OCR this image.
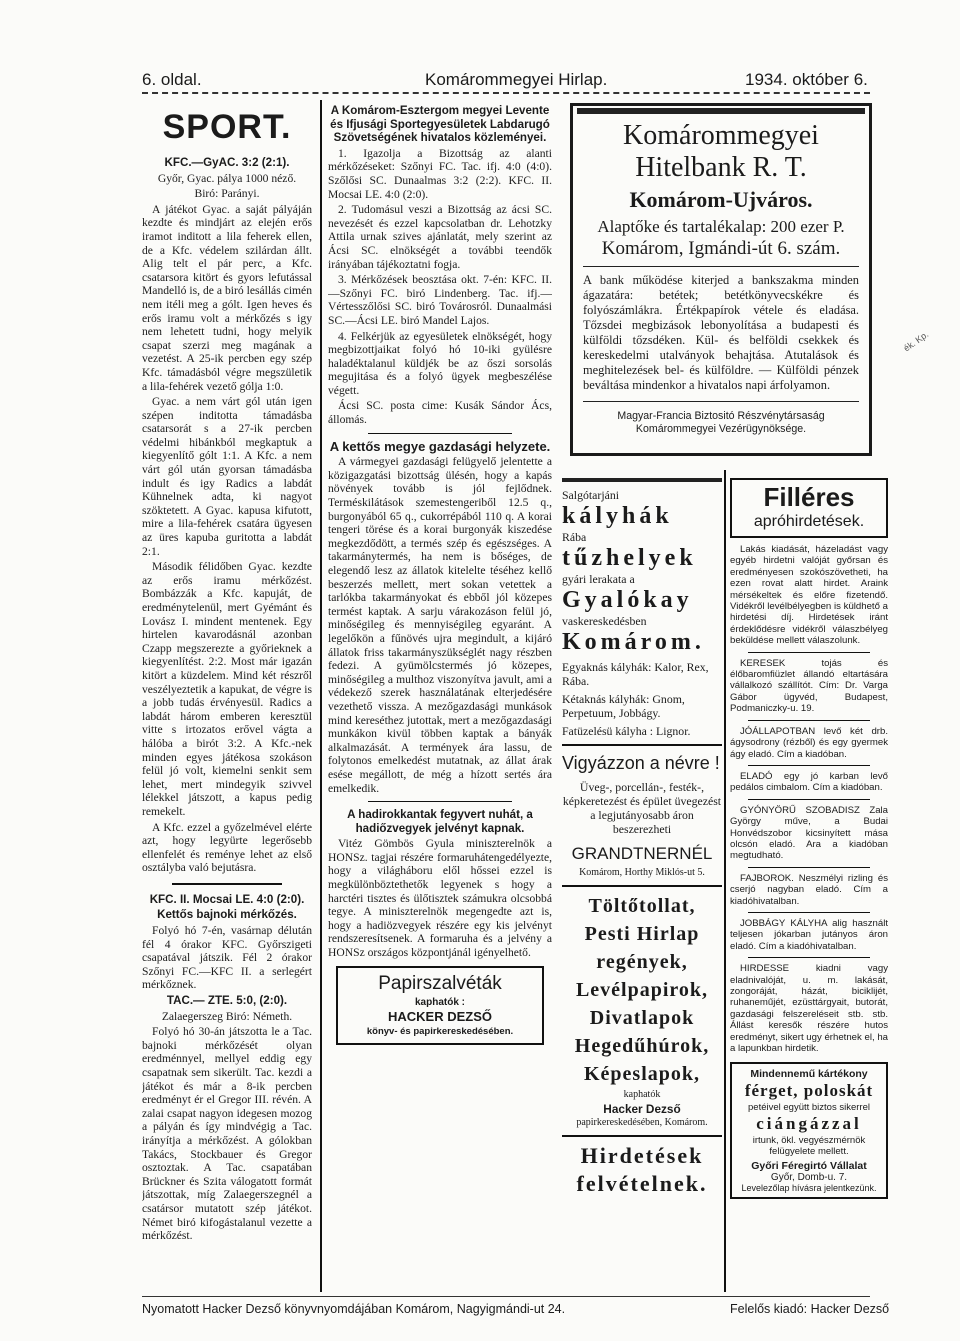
6. oldal.	Komárommegyei Hirlap.	1934. október 6.
SPORT.

KFC.—GyAC. 3:2 (2:1).

Győr, Gyac. pálya 1000 néző.

Biró: Parányi.

A játékot Gyac. a saját pályáján kezdte és mindjárt az elején erős iramot inditott a lila feherek ellen, de a Kfc. védelem szilárdan állt. Alig telt el pár perc, a Kfc. csatarsora kitört és gyors lefutással Mandelló is, de a biró lesállás cimén nem itéli meg a gólt. Igen heves és erős iramu volt a mérkőzés s igy nem lehetett tudni, hogy melyik csapat szerzi meg magának a vezetést. A 25-ik percben egy szép Kfc. támadásból végre megszületik a lila-fehérek vezető gólja 1:0.

Gyac. a nem várt gól után igen szépen inditotta támadásba csatarsorát s a 27-ik percben védelmi hibánkból megkaptuk a kiegyenlítő gólt 1:1. A Kfc. a nem várt gól után gyorsan támadásba indult és igy Radics a labdát Kühnelnek adta, ki nagyot szöktetett. A Gyac. kapusa kifutott, mire a lila-fehérek csatára ügyesen az üres kapuba guritotta a labdát 2:1.

Második félidőben Gyac. kezdte az erős iramu mérkőzést. Bombázzák a Kfc. kapuját, de eredménytelenül, mert Gyémánt és Lovász I. mindent mentenek. Egy hirtelen kavarodásnál azonban Czapp megszerezte a győrieknek a kiegyenlítést. 2:2. Most már igazán kitört a küzdelem. Mind két részről veszélyeztetik a kapukat, de végre is a jobb tudás érvényesül. Radics a labdát három emberen keresztül vitte s irtozatos erővel vágta a hálóba a birót 3:2. A Kfc.-nek minden egyes játékosa szokáson felül jó volt, kiemelni senkit sem lehet, mert mindegyik szivvel lélekkel játszott, a kapus pedig remekelt.

A Kfc. ezzel a győzelmével elérte azt, hogy legyürte legerősebb ellenfelét és reménye lehet az első osztályba való bejutásra.

KFC. II. Mocsai LE. 4:0 (2:0).

Kettős bajnoki mérkőzés.

Folyó hó 7-én, vasárnap délután fél 4 órakor KFC. Győrszigeti csapatával játszik. Fél 2 órakor Szőnyi FC.—KFC II. a serlegért mérkőznek.

TAC.— ZTE. 5:0, (2:0).

Zalaegerszeg Biró: Németh.

Folyó hó 30-án játszotta le a Tac. bajnoki mérkőzését olyan eredménnyel, mellyel eddig egy csapatnak sem sikerült. Tac. kezdi a játékot és már a 8-ik percben eredményt ér el Gregor III. révén. A zalai csapat nagyon idegesen mozog a pályán és így mindvégig a Tac. irányítja a mérkőzést. A gólokban Takács, Stockbauer és Gregor osztoztak. A Tac. csapatában Brückner és Szita válogatott formát játszottak, míg Zalaegerszegnél a csatársor mutatott szép játékot. Német biró kifogástalanul vezette a mérkőzést.

A Komárom-Esztergom megyei Levente és Ifjusági Sportegyesületek Labdarugó Szövetségének hivatalos közleményei.

1. Igazolja a Bizottság az alanti mérkőzéseket: Szőnyi FC. Tac. ifj. 4:0 (4:0). Szőlősi SC. Dunaalmas 3:2 (2:2). KFC. II. Mocsai LE. 4:0 (2:0).

2. Tudomásul veszi a Bizottság az ácsi SC. nevezését és ezzel kapcsolatban dr. Lehotzky Attila urnak szives ajánlatát, mely szerint az Ácsi SC. elnökségét a további teendők irányában tájékoztatni fogja.

3. Mérkőzések beosztása okt. 7-én: KFC. II.—Szőnyi FC. biró Lindenberg. Tac. ifj.—Vértesszőlősi SC. biró Továrosról. Dunaalmási SC.—Ácsi LE. biró Mandel Lajos.

4. Felkérjük az egyesületek elnökségét, hogy megbizottjaikat folyó hó 10-iki gyülésre haladéktalanul küldjék be az őszi sorsolás megujitása és a folyó ügyek megbeszélése végett.

Ácsi SC. posta cime: Kusák Sándor Ács, állomás.

A kettős megye gazdasági helyzete.

A vármegyei gazdasági felügyelő jelentette a közigazgatási bizottság ülésén, hogy a kapás növények tovább is jól fejlődnek. Terméskilátások szemestengeriből 12.5 q., burgonyából 65 q., cukorrépából 110 q. A korai tengeri törése és a korai burgonyák kiszedése megkezdődött, a termés szép és egészséges. A takarmánytermés, ha nem is bőséges, de elegendő lesz az állatok kitelelte téséhez kellő beszerzés mellett, mert sokan vetettek a tarlókba takarmányokat és ebből jól közepes termést kaptak. A sarju várakozáson felül jó, minőségileg és mennyiségileg egyaránt. A legelőkön a fűnövés ujra megindult, a kijáró állatok friss takarmányszükséglét nagy részben fedezi. A gyümölcstermés jó közepes, minőségileg a multhoz viszonyítva javult, ami a védekező szerek használatának elterjedésére vezethető vissza. A mezőgazdasági munkások mind kereséthez jutottak, mert a mezőgazdasági munkákon kivül többen kaptak a bányák alkalmazását. A termények ára lassu, de folytonos emelkedést mutatnak, az állat árak esése megállott, de még a hízott sertés ára emelkedik.

A hadirokkantak fegyvert nuhát, a hadiőzvegyek jelvényt kapnak.

Vitéz Gömbös Gyula miniszterelnök a HONSz. tagjai részére formaruhátengedélyezte, hogy a világháboru elől hőssei ezzel is megkülönböztethetők legyenek s hogy a harctéri tisztes és ülőtisztek számukra olcsobbá tegye. A miniszterelnök megengedte azt is, hogy a hadiözvegyek részére egy kis jelvényt rendszeresítsenek. A formaruha és a jelvény a HONSz országos központjánál igényelhető.

Papirszalvéták
kaphatók :
HACKER DEZSŐ
könyv- és papirkereskedésében.
Komárommegyei
Hitelbank R. T.
Komárom-Ujváros.
Alaptőke és tartalékalap: 200 ezer P.
Komárom, Igmándi-út 6. szám.

A bank működése kiterjed a bankszakma minden ágazatára: betétek; betétkönyvecskékre és folyószámlákra. Értékpapírok vétele és eladása. Tőzsdei megbizások lebonyolítása a budapesti és külföldi tőzsdéken. Kül- és belföldi csekkek és kereskedelmi utalványok behajtása. Atutalások és meghitelezések bel- és külföldre. — Külföldi pénzek beváltása mindenkor a hivatalos napi árfolyamon.

Magyar-Francia Biztositó Részvénytársaság

Komárommegyei Vezérügynöksége.

Salgótarjáni

kályhák

Rába

tűzhelyek

gyári lerakata a

Gyalókay

vaskereskedésben

Komárom.

Egyaknás kályhák: Kalor, Rex, Rába.

Kétaknás kályhák: Gnom, Perpetuum, Jobbágy.

Fatüzelésü kályha : Lignor.

Vigyázzon a névre !

Üveg-, porcellán-, festék-, képkeretezést és épület üvegezést a legjutányosabb áron beszerezheti

GRANDTNERNÉL

Komárom, Horthy Miklós-ut 5.

Töltőtollat,
Pesti Hirlap
regények,
Levélpapirok,
Divatlapok
Hegedűhúrok,
Képeslapok,

kaphatók

Hacker Dezső

papirkereskedésében, Komárom.

Hirdetések
felvételnek.
Filléres
apróhirdetések.

Lakás kiadását, házeladást vagy egyéb hirdetni valóját győrsan és eredményesen szokószövetheti, ha ezen rovat alatt hirdet. Araink mérsékeltek és előre fizetendő. Vidékről levélbélyegben is küldhető a hirdetési díj. Hirdetések iránt érdeklődésre vidékről válaszbélyeg beküldése mellett válaszolunk.

KERESEK tojás és élőbaromfiüzlet állandó eltartására vállalkozó szállítót. Cím: Dr. Varga Gábor ügyvéd, Budapest, Podmaniczky-u. 19.

JÓÁLLAPOTBAN levő két drb. ágysodrony (rézből) és egy gyermek ágy eladó. Cím a kiadóban.

ELADÓ egy jó karban levő pedálos cimbalom. Cím a kiadóban.

GYÓNYÖRŰ SZOBADISZ Zala György műve, a Budai Honvédszobor kicsinyített mása olcsón eladó. Ara a kiadóban megtudható.

FAJBOROK. Neszmélyi rizling és cserjó nagyban eladó. Cím a kiadóhivatalban.

JOBBÁGY KÁLYHA alig használt teljesen jókarban jutányos áron eladó. Cím a kiadóhivatalban.

HIRDESSE kiadni vagy eladnivalóját, u. m. lakását, zongoráját, házát, biciklijét, ruhaneműjét, ezüsttárgyait, butorát, gazdasági felszereléseit stb. stb. Állást keresők részére hutos eredményt, sikert ugy érhetnek el, ha a lapunkban hirdetik.

Mindennemű kártékony
férget, poloskát
petéivel együtt biztos sikerrel
ciángázzal
irtunk, ökl. vegyészmérnök felügyelete mellett.
Győri Féregirtó Vállalat
Győr, Domb-u. 7.
Levelezőlap hívásra jelentkezünk.
ék. Kp.
Nyomatott Hacker Dezső könyvnyomdájában Komárom, Nagyigmándi-ut 24.	Felelős kiadó: Hacker Dezső
